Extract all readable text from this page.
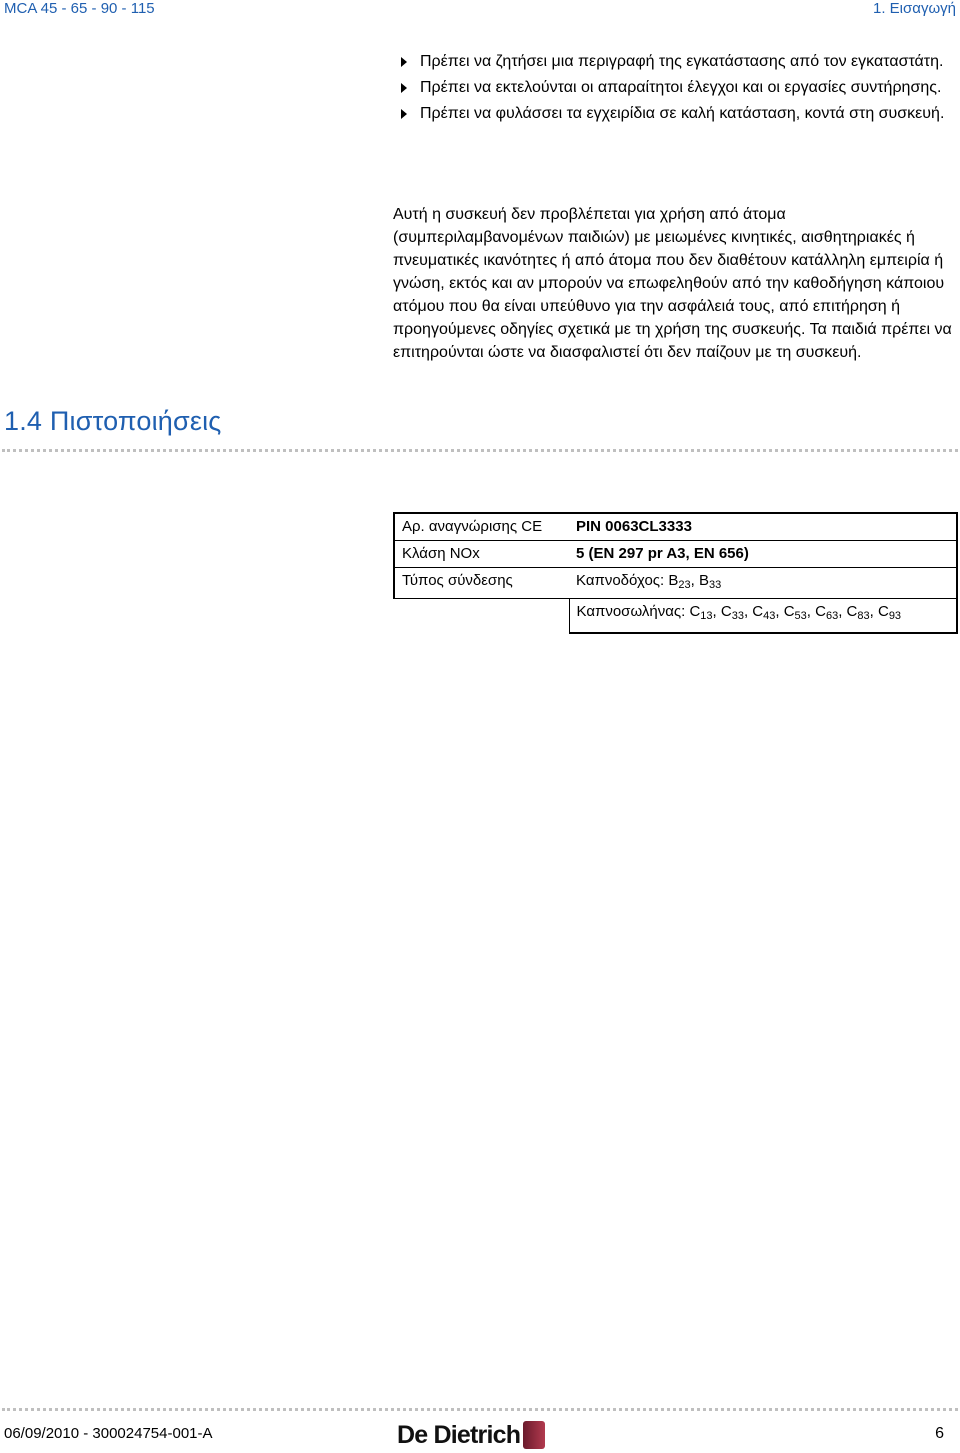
MCA 45 - 65 - 90 - 115	1. Εισαγωγή
Πρέπει να ζητήσει μια περιγραφή της εγκατάστασης από τον εγκαταστάτη.
Πρέπει να εκτελούνται οι απαραίτητοι έλεγχοι και οι εργασίες συντήρησης.
Πρέπει να φυλάσσει τα εγχειρίδια σε καλή κατάσταση, κοντά στη συσκευή.

Αυτή η συσκευή δεν προβλέπεται για χρήση από άτομα (συμπεριλαμβανομένων παιδιών) με μειωμένες κινητικές, αισθητηριακές ή πνευματικές ικανότητες ή από άτομα που δεν διαθέτουν κατάλληλη εμπειρία ή γνώση, εκτός και αν μπορούν να επωφεληθούν από την καθοδήγηση κάποιου ατόμου που θα είναι υπεύθυνο για την ασφάλειά τους, από επιτήρηση ή προηγούμενες οδηγίες σχετικά με τη χρήση της συσκευής. Τα παιδιά πρέπει να επιτηρούνται ώστε να διασφαλιστεί ότι δεν παίζουν με τη συσκευή.

1.4 Πιστοποιήσεις
Αρ. αναγνώρισης CE	PIN 0063CL3333
Κλάση NOx	5 (EN 297 pr A3, EN 656)
Τύπος σύνδεσης	Καπνοδόχος: $B_{23}$, $B_{33}$
	Καπνοσωλήνας: $C_{13}$, $C_{33}$, $C_{43}$, $C_{53}$, $C_{63}$, $C_{83}$, $C_{93}$
06/09/2010 - 300024754-001-A	De Dietrich	6
